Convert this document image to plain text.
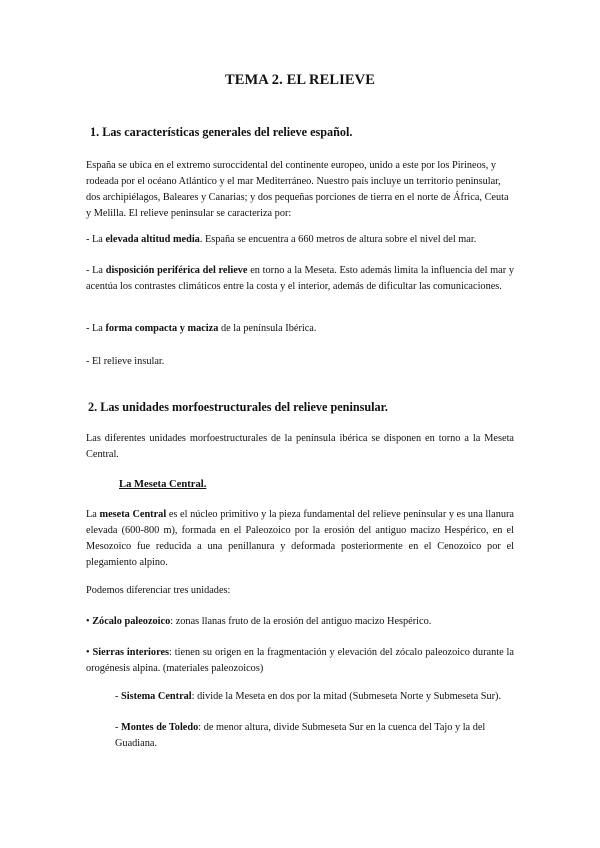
TEMA 2. EL RELIEVE
1. Las características generales del relieve español.
España se ubica en el extremo suroccidental del continente europeo, unido a este por los Pirineos, y rodeada por el océano Atlántico y el mar Mediterráneo. Nuestro país incluye un territorio peninsular, dos archipiélagos, Baleares y Canarias; y dos pequeñas porciones de tierra en el norte de África, Ceuta y Melilla. El relieve peninsular se caracteriza por:
- La elevada altitud media. España se encuentra a 660 metros de altura sobre el nivel del mar.
- La disposición periférica del relieve en torno a la Meseta. Esto además limita la influencia del mar y acentúa los contrastes climáticos entre la costa y el interior, además de dificultar las comunicaciones.
- La forma compacta y maciza de la península Ibérica.
- El relieve insular.
2. Las unidades morfoestructurales del relieve peninsular.
Las diferentes unidades morfoestructurales de la península ibérica se disponen en torno a la Meseta Central.
La Meseta Central.
La meseta Central es el núcleo primitivo y la pieza fundamental del relieve peninsular y es una llanura elevada (600-800 m), formada en el Paleozoico por la erosión del antiguo macizo Hespérico, en el Mesozoico fue reducida a una penillanura y deformada posteriormente en el Cenozoico por el plegamiento alpino.
Podemos diferenciar tres unidades:
• Zócalo paleozoico: zonas llanas fruto de la erosión del antiguo macizo Hespérico.
• Sierras interiores: tienen su origen en la fragmentación y elevación del zócalo paleozoico durante la orogénesis alpina. (materiales paleozoicos)
- Sistema Central: divide la Meseta en dos por la mitad (Submeseta Norte y Submeseta Sur).
- Montes de Toledo: de menor altura, divide Submeseta Sur en la cuenca del Tajo y la del Guadiana.
